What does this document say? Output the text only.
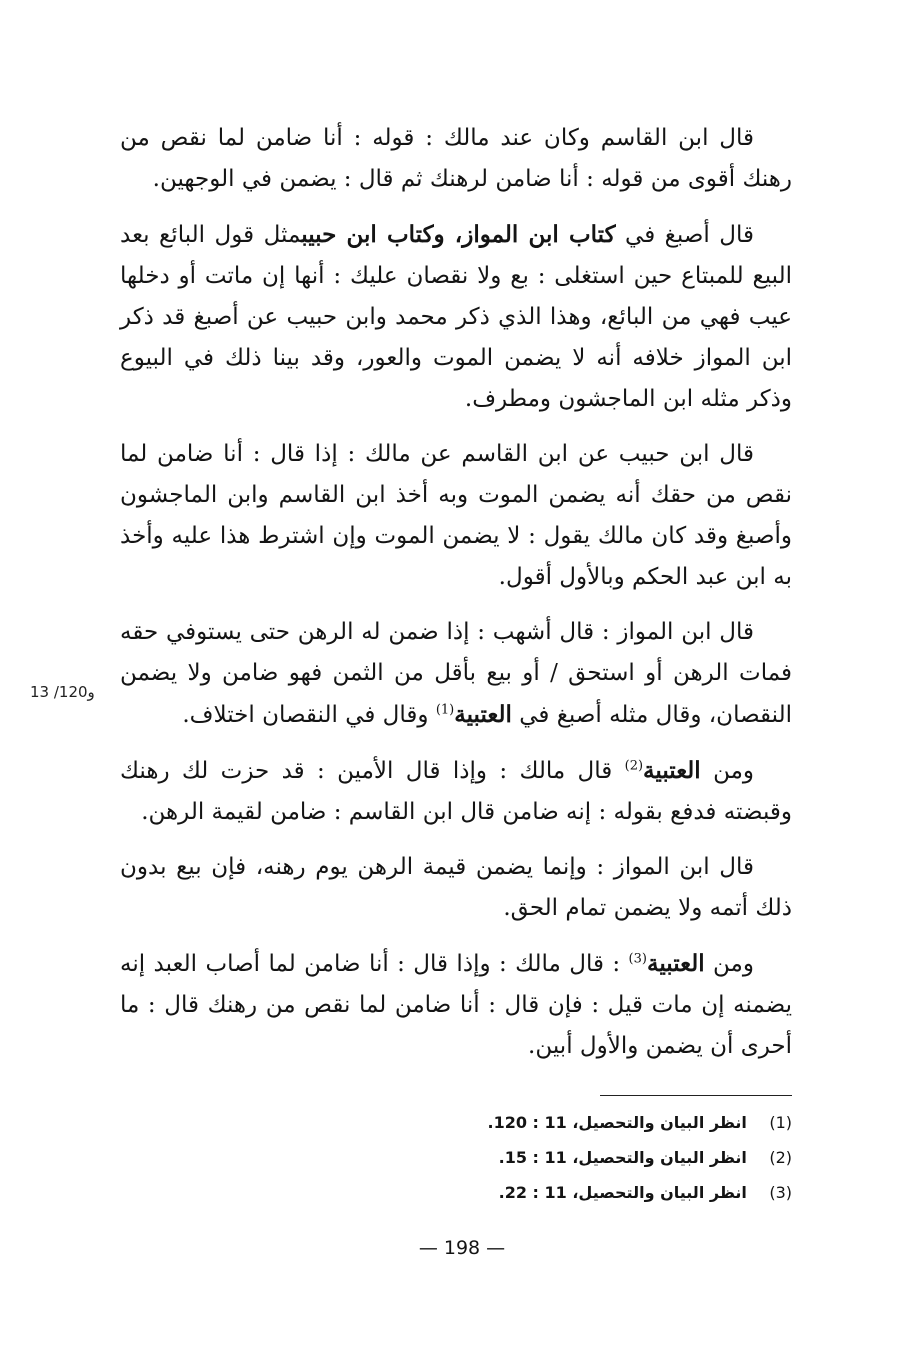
قال ابن القاسم وكان عند مالك : قوله : أنا ضامن لما نقص من رهنك أقوى من قوله : أنا ضامن لرهنك ثم قال : يضمن في الوجهين.

قال أصبغ في كتاب ابن المواز، وكتاب ابن حبيبمثل قول البائع بعد البيع للمبتاع حين استغلى : بع ولا نقصان عليك : أنها إن ماتت أو دخلها عيب فهي من البائع، وهذا الذي ذكر محمد وابن حبيب عن أصبغ قد ذكر ابن المواز خلافه أنه لا يضمن الموت والعور، وقد بينا ذلك في البيوع وذكر مثله ابن الماجشون ومطرف.

قال ابن حبيب عن ابن القاسم عن مالك : إذا قال : أنا ضامن لما نقص من حقك أنه يضمن الموت وبه أخذ ابن القاسم وابن الماجشون وأصبغ وقد كان مالك يقول : لا يضمن الموت وإن اشترط هذا عليه وأخذ به ابن عبد الحكم وبالأول أقول.

قال ابن المواز : قال أشهب : إذا ضمن له الرهن حتى يستوفي حقه فمات الرهن أو استحق / أو بيع بأقل من الثمن فهو ضامن ولا يضمن النقصان، وقال مثله أصبغ في العتبية$^{(1)}$ وقال في النقصان اختلاف.

ومن العتبية$^{(2)}$ قال مالك : وإذا قال الأمين : قد حزت لك رهنك وقبضته فدفع بقوله : إنه ضامن قال ابن القاسم : ضامن لقيمة الرهن.

قال ابن المواز : وإنما يضمن قيمة الرهن يوم رهنه، فإن بيع بدون ذلك أتمه ولا يضمن تمام الحق.

ومن العتبية$^{(3)}$ : قال مالك : وإذا قال : أنا ضامن لما أصاب العبد إنه يضمنه إن مات قيل : فإن قال : أنا ضامن لما نقص من رهنك قال : ما أحرى أن يضمن والأول أبين.

13 /120و
(1) انظر البيان والتحصيل، 11 : 120.
(2) انظر البيان والتحصيل، 11 : 15.
(3) انظر البيان والتحصيل، 11 : 22.
— 198 —
